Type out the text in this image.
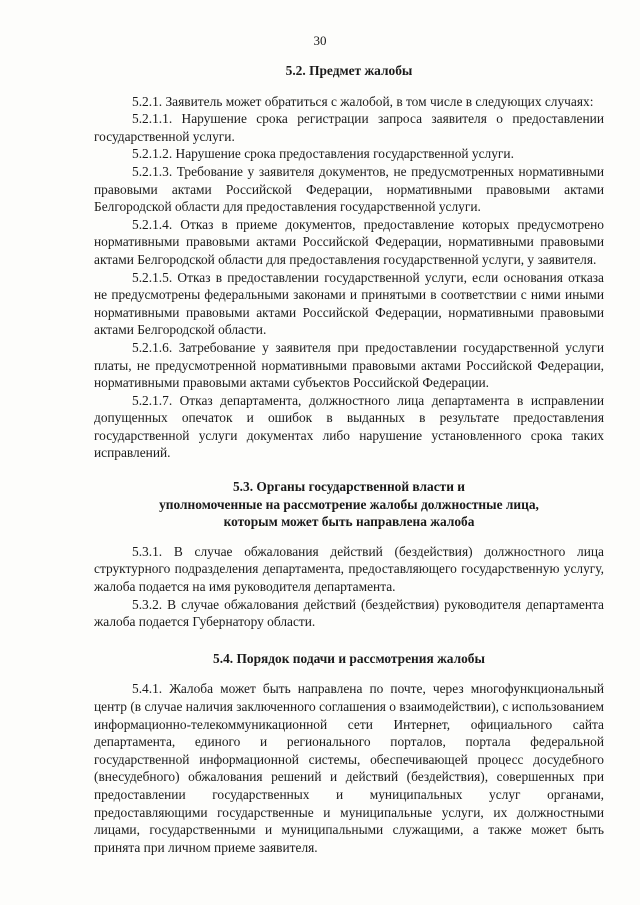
30

5.2. Предмет жалобы

5.2.1. Заявитель может обратиться с жалобой, в том числе в следующих случаях:

5.2.1.1. Нарушение срока регистрации запроса заявителя о предоставлении государственной услуги.

5.2.1.2. Нарушение срока предоставления государственной услуги.

5.2.1.3. Требование у заявителя документов, не предусмотренных нормативными правовыми актами Российской Федерации, нормативными правовыми актами Белгородской области для предоставления государственной услуги.

5.2.1.4. Отказ в приеме документов, предоставление которых предусмотрено нормативными правовыми актами Российской Федерации, нормативными правовыми актами Белгородской области для предоставления государственной услуги, у заявителя.

5.2.1.5. Отказ в предоставлении государственной услуги, если основания отказа не предусмотрены федеральными законами и принятыми в соответствии с ними иными нормативными правовыми актами Российской Федерации, нормативными правовыми актами Белгородской области.

5.2.1.6. Затребование у заявителя при предоставлении государственной услуги платы, не предусмотренной нормативными правовыми актами Российской Федерации, нормативными правовыми актами субъектов Российской Федерации.

5.2.1.7. Отказ департамента, должностного лица департамента в исправлении допущенных опечаток и ошибок в выданных в результате предоставления государственной услуги документах либо нарушение установленного срока таких исправлений.

5.3. Органы государственной власти и
уполномоченные на рассмотрение жалобы должностные лица,
которым может быть направлена жалоба

5.3.1. В случае обжалования действий (бездействия) должностного лица структурного подразделения департамента, предоставляющего государственную услугу, жалоба подается на имя руководителя департамента.

5.3.2. В случае обжалования действий (бездействия) руководителя департамента жалоба подается Губернатору области.

5.4. Порядок подачи и рассмотрения жалобы

5.4.1. Жалоба может быть направлена по почте, через многофункциональный центр (в случае наличия заключенного соглашения о взаимодействии), с использованием информационно-телекоммуникационной сети Интернет, официального сайта департамента, единого и регионального порталов, портала федеральной государственной информационной системы, обеспечивающей процесс досудебного (внесудебного) обжалования решений и действий (бездействия), совершенных при предоставлении государственных и муниципальных услуг органами, предоставляющими государственные и муниципальные услуги, их должностными лицами, государственными и муниципальными служащими, а также может быть принята при личном приеме заявителя.
